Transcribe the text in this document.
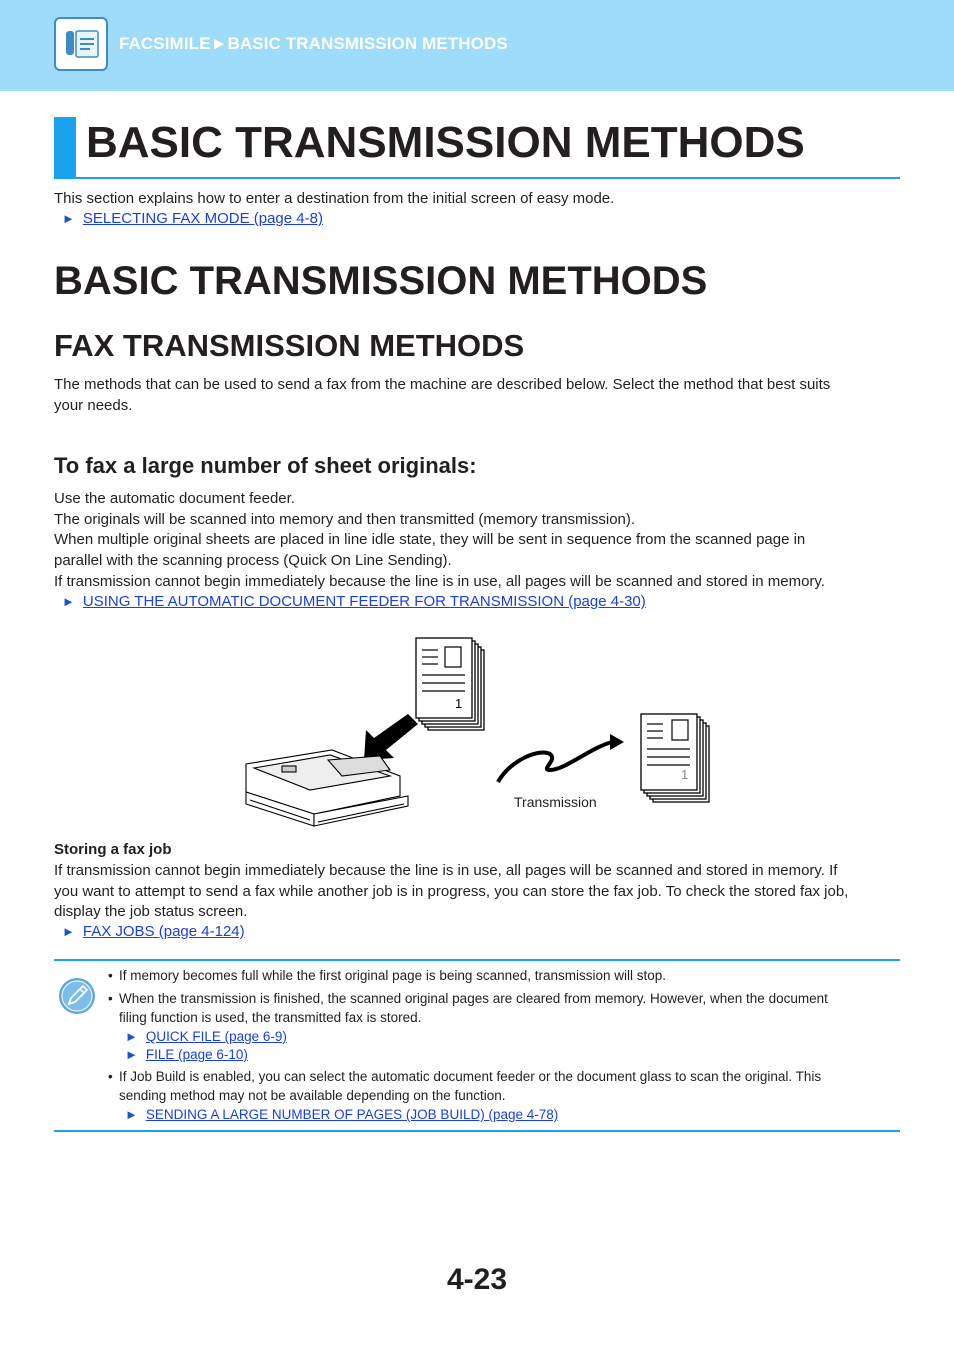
FACSIMILE►BASIC TRANSMISSION METHODS
BASIC TRANSMISSION METHODS

This section explains how to enter a destination from the initial screen of easy mode.

► SELECTING FAX MODE (page 4-8)
BASIC TRANSMISSION METHODS
FAX TRANSMISSION METHODS

The methods that can be used to send a fax from the machine are described below. Select the method that best suits

your needs.

To fax a large number of sheet originals:

Use the automatic document feeder.

The originals will be scanned into memory and then transmitted (memory transmission).

When multiple original sheets are placed in line idle state, they will be sent in sequence from the scanned page in

parallel with the scanning process (Quick On Line Sending).

If transmission cannot begin immediately because the line is in use, all pages will be scanned and stored in memory.

► USING THE AUTOMATIC DOCUMENT FEEDER FOR TRANSMISSION (page 4-30)
1
1
Transmission
Storing a fax job

If transmission cannot begin immediately because the line is in use, all pages will be scanned and stored in memory. If

you want to attempt to send a fax while another job is in progress, you can store the fax job. To check the stored fax job,

display the job status screen.

► FAX JOBS (page 4-124)
• If memory becomes full while the first original page is being scanned, transmission will stop.
• When the transmission is finished, the scanned original pages are cleared from memory. However, when the document
filing function is used, the transmitted fax is stored.
► QUICK FILE (page 6-9)
► FILE (page 6-10)
• If Job Build is enabled, you can select the automatic document feeder or the document glass to scan the original. This
sending method may not be available depending on the function.
► SENDING A LARGE NUMBER OF PAGES (JOB BUILD) (page 4-78)
4-23
